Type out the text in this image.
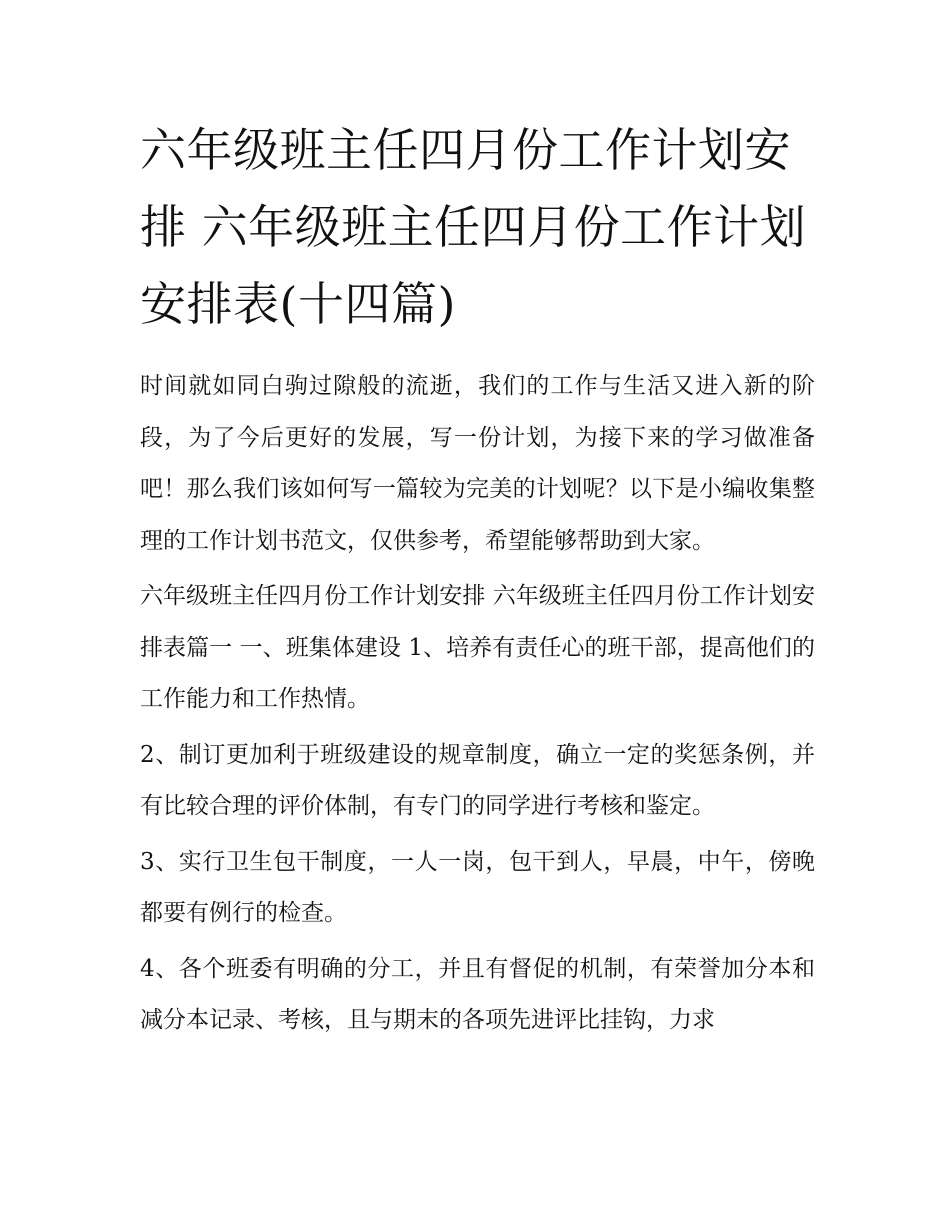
六年级班主任四月份工作计划安排 六年级班主任四月份工作计划安排表(十四篇)

时间就如同白驹过隙般的流逝，我们的工作与生活又进入新的阶段，为了今后更好的发展，写一份计划，为接下来的学习做准备吧！那么我们该如何写一篇较为完美的计划呢？以下是小编收集整理的工作计划书范文，仅供参考，希望能够帮助到大家。

六年级班主任四月份工作计划安排 六年级班主任四月份工作计划安排表篇一 一、班集体建设 1、培养有责任心的班干部，提高他们的工作能力和工作热情。

2、制订更加利于班级建设的规章制度，确立一定的奖惩条例，并有比较合理的评价体制，有专门的同学进行考核和鉴定。

3、实行卫生包干制度，一人一岗，包干到人，早晨，中午，傍晚都要有例行的检查。

4、各个班委有明确的分工，并且有督促的机制，有荣誉加分本和减分本记录、考核，且与期末的各项先进评比挂钩，力求
